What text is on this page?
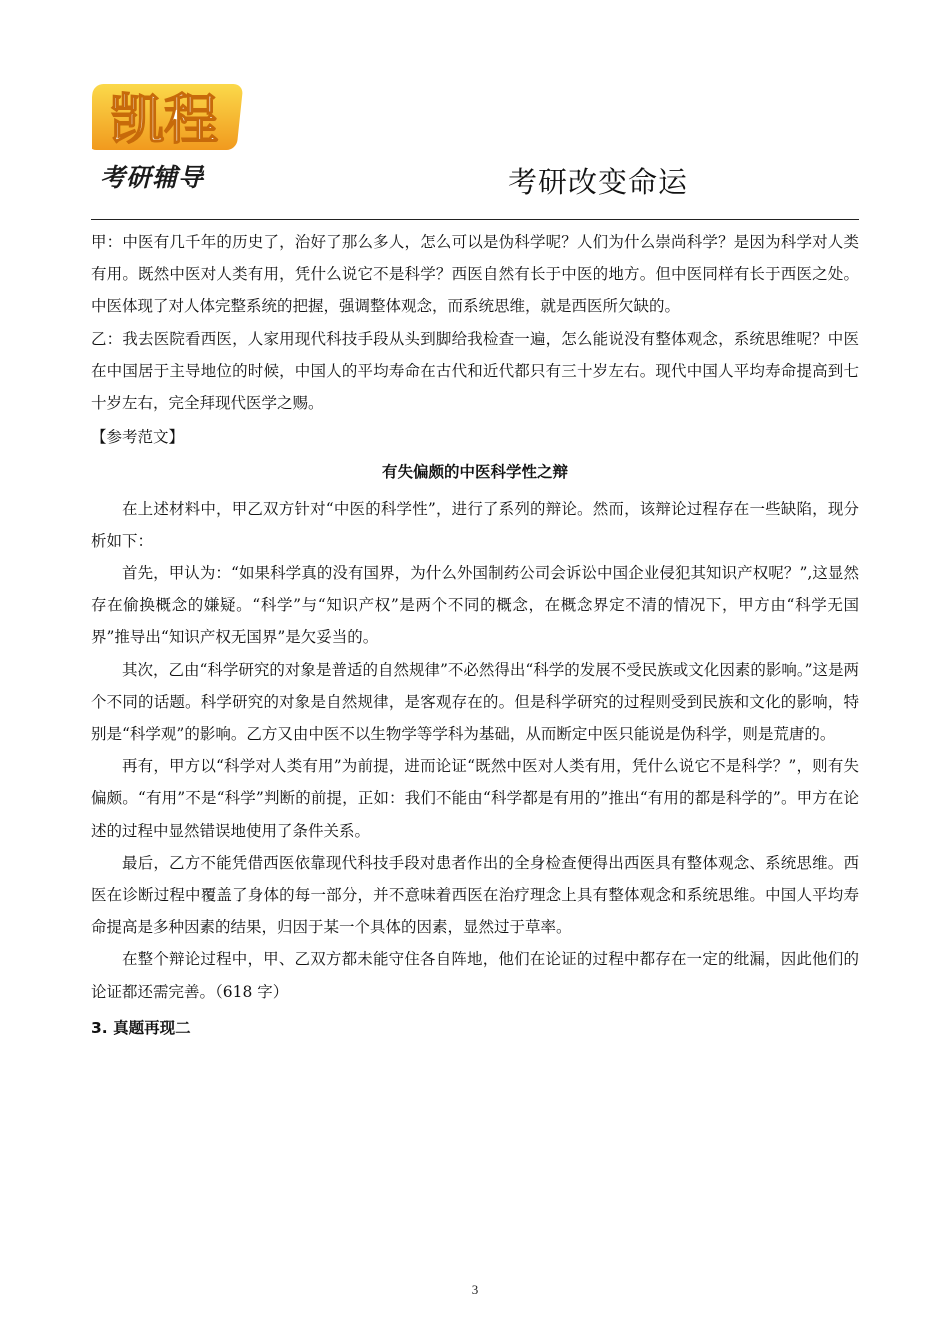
凯程
考研辅导	考研改变命运

甲：中医有几千年的历史了，治好了那么多人，怎么可以是伪科学呢？人们为什么崇尚科学？是因为科学对人类有用。既然中医对人类有用，凭什么说它不是科学？西医自然有长于中医的地方。但中医同样有长于西医之处。中医体现了对人体完整系统的把握，强调整体观念，而系统思维，就是西医所欠缺的。

乙：我去医院看西医，人家用现代科技手段从头到脚给我检查一遍，怎么能说没有整体观念，系统思维呢？中医在中国居于主导地位的时候，中国人的平均寿命在古代和近代都只有三十岁左右。现代中国人平均寿命提高到七十岁左右，完全拜现代医学之赐。

【参考范文】

有失偏颇的中医科学性之辩

在上述材料中，甲乙双方针对“中医的科学性”，进行了系列的辩论。然而，该辩论过程存在一些缺陷，现分析如下：

首先，甲认为：“如果科学真的没有国界，为什么外国制药公司会诉讼中国企业侵犯其知识产权呢？”,这显然存在偷换概念的嫌疑。“科学”与“知识产权”是两个不同的概念，在概念界定不清的情况下，甲方由“科学无国界”推导出“知识产权无国界”是欠妥当的。

其次，乙由“科学研究的对象是普适的自然规律”不必然得出“科学的发展不受民族或文化因素的影响。”这是两个不同的话题。科学研究的对象是自然规律，是客观存在的。但是科学研究的过程则受到民族和文化的影响，特别是“科学观”的影响。乙方又由中医不以生物学等学科为基础，从而断定中医只能说是伪科学，则是荒唐的。

再有，甲方以“科学对人类有用”为前提，进而论证“既然中医对人类有用，凭什么说它不是科学？”，则有失偏颇。“有用”不是“科学”判断的前提，正如：我们不能由“科学都是有用的”推出“有用的都是科学的”。甲方在论述的过程中显然错误地使用了条件关系。

最后，乙方不能凭借西医依靠现代科技手段对患者作出的全身检查便得出西医具有整体观念、系统思维。西医在诊断过程中覆盖了身体的每一部分，并不意味着西医在治疗理念上具有整体观念和系统思维。中国人平均寿命提高是多种因素的结果，归因于某一个具体的因素，显然过于草率。

在整个辩论过程中，甲、乙双方都未能守住各自阵地，他们在论证的过程中都存在一定的纰漏，因此他们的论证都还需完善。（618 字）

3. 真题再现二

3
